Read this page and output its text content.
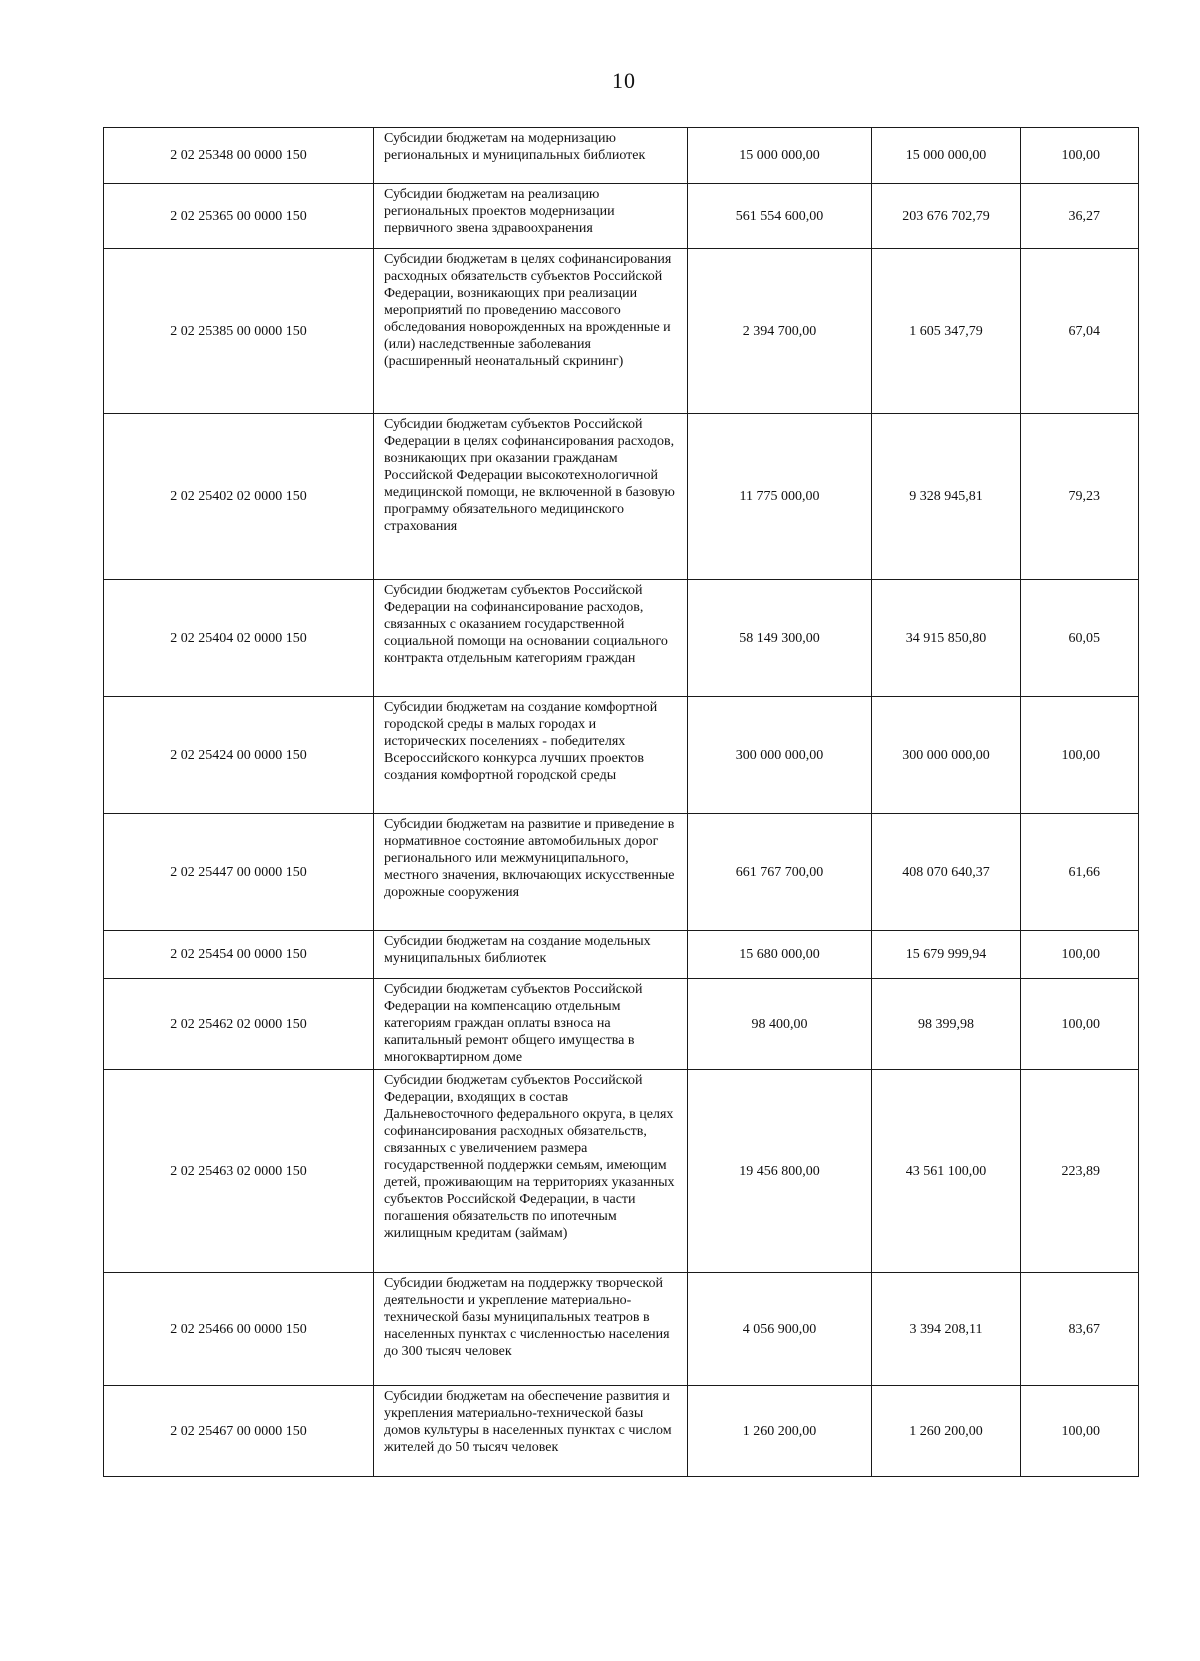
10
2 02 25348 00 0000 150	Субсидии бюджетам на модернизацию региональных и муниципальных библиотек	15 000 000,00	15 000 000,00	100,00
2 02 25365 00 0000 150	Субсидии бюджетам на реализацию региональных проектов модернизации первичного звена здравоохранения	561 554 600,00	203 676 702,79	36,27
2 02 25385 00 0000 150	Субсидии бюджетам в целях софинансирования расходных обязательств субъектов Российской Федерации, возникающих при реализации мероприятий по проведению массового обследования новорожденных на врожденные и (или) наследственные заболевания (расширенный неонатальный скрининг)	2 394 700,00	1 605 347,79	67,04
2 02 25402 02 0000 150	Субсидии бюджетам субъектов Российской Федерации в целях софинансирования расходов, возникающих при оказании гражданам Российской Федерации высокотехнологичной медицинской помощи, не включенной в базовую программу обязательного медицинского страхования	11 775 000,00	9 328 945,81	79,23
2 02 25404 02 0000 150	Субсидии бюджетам субъектов Российской Федерации на софинансирование расходов, связанных с оказанием государственной социальной помощи на основании социального контракта отдельным категориям граждан	58 149 300,00	34 915 850,80	60,05
2 02 25424 00 0000 150	Субсидии бюджетам на создание комфортной городской среды в малых городах и исторических поселениях - победителях Всероссийского конкурса лучших проектов создания комфортной городской среды	300 000 000,00	300 000 000,00	100,00
2 02 25447 00 0000 150	Субсидии бюджетам на развитие и приведение в нормативное состояние автомобильных дорог регионального или межмуниципального, местного значения, включающих искусственные дорожные сооружения	661 767 700,00	408 070 640,37	61,66
2 02 25454 00 0000 150	Субсидии бюджетам на создание модельных муниципальных библиотек	15 680 000,00	15 679 999,94	100,00
2 02 25462 02 0000 150	Субсидии бюджетам субъектов Российской Федерации на компенсацию отдельным категориям граждан оплаты взноса на капитальный ремонт общего имущества в многоквартирном доме	98 400,00	98 399,98	100,00
2 02 25463 02 0000 150	Субсидии бюджетам субъектов Российской Федерации, входящих в состав Дальневосточного федерального округа, в целях софинансирования расходных обязательств, связанных с увеличением размера государственной поддержки семьям, имеющим детей, проживающим на территориях указанных субъектов Российской Федерации, в части погашения обязательств по ипотечным жилищным кредитам (займам)	19 456 800,00	43 561 100,00	223,89
2 02 25466 00 0000 150	Субсидии бюджетам на поддержку творческой деятельности и укрепление материально-технической базы муниципальных театров в населенных пунктах с численностью населения до 300 тысяч человек	4 056 900,00	3 394 208,11	83,67
2 02 25467 00 0000 150	Субсидии бюджетам на обеспечение развития и укрепления материально-технической базы домов культуры в населенных пунктах с числом жителей до 50 тысяч человек	1 260 200,00	1 260 200,00	100,00
